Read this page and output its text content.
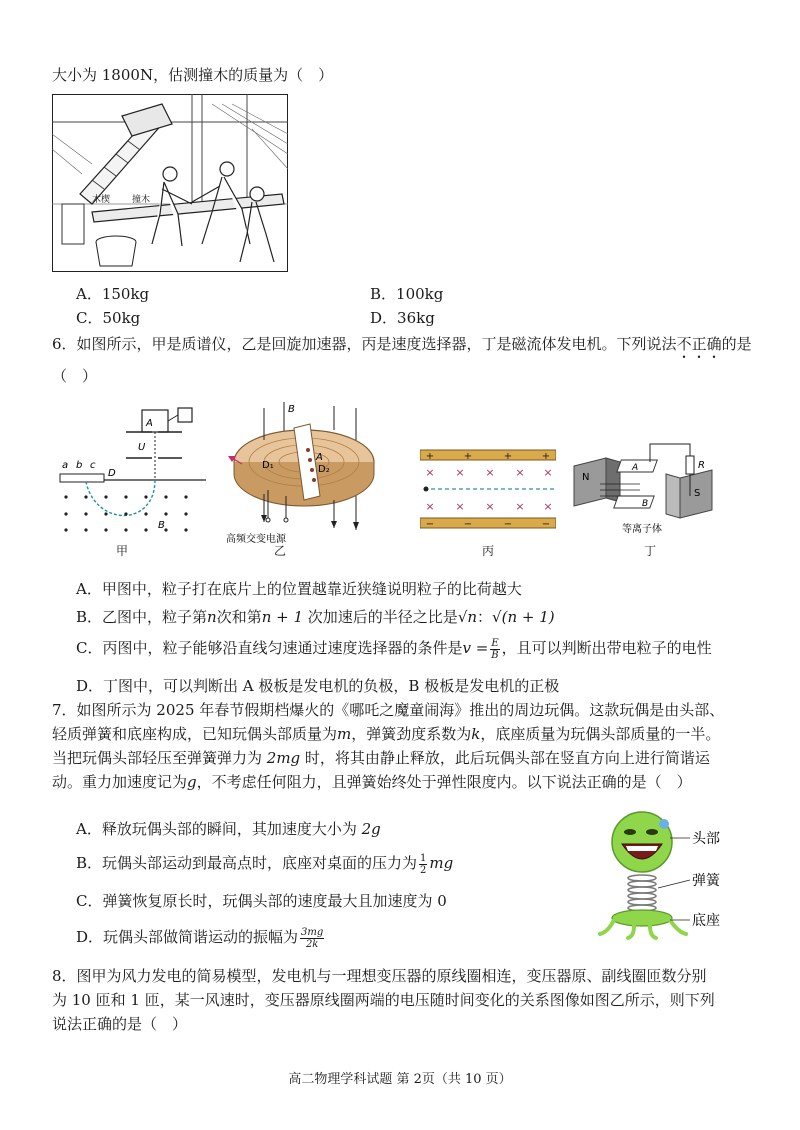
大小为 1800N，估测撞木的质量为（　）
木楔 撞木
A．150kg	B．100kg
C．50kg	D．36kg
6．如图所示，甲是质谱仪，乙是回旋加速器，丙是速度选择器，丁是磁流体发电机。下列说法不正确的是（　）
a b c
D
U
A
B
甲
B
D₁	D₂
A
高频交变电源
乙
+	+	+	+
−	−	−	−
× × × × ×
× × × × ×
丙
N
A	R
B
S
等离子体
丁
A．甲图中，粒子打在底片上的位置越靠近狭缝说明粒子的比荷越大
B．乙图中，粒子第n次和第n + 1 次加速后的半径之比是√n：√(n + 1)
C．丙图中，粒子能够沿直线匀速通过速度选择器的条件是$v = \frac{E}{B}$ ，且可以判断出带电粒子的电性
D．丁图中，可以判断出 A 极板是发电机的负极，B 极板是发电机的正极
7．如图所示为 2025 年春节假期档爆火的《哪吒之魔童闹海》推出的周边玩偶。这款玩偶是由头部、
轻质弹簧和底座构成，已知玩偶头部质量为m，弹簧劲度系数为k，底座质量为玩偶头部质量的一半。
当把玩偶头部轻压至弹簧弹力为 2mg 时，将其由静止释放，此后玩偶头部在竖直方向上进行简谐运
动。重力加速度记为g，不考虑任何阻力，且弹簧始终处于弹性限度内。以下说法正确的是（　）
A．释放玩偶头部的瞬间，其加速度大小为 2g
B．玩偶头部运动到最高点时，底座对桌面的压力为 $\frac{1}{2}$ mg
C．弹簧恢复原长时，玩偶头部的速度最大且加速度为 0
D．玩偶头部做简谐运动的振幅为 $\frac{3mg}{2k}$
头部
弹簧
底座
8．图甲为风力发电的简易模型，发电机与一理想变压器的原线圈相连，变压器原、副线圈匝数分别
为 10 匝和 1 匝，某一风速时，变压器原线圈两端的电压随时间变化的关系图像如图乙所示，则下列
说法正确的是（　）
高二物理学科试题 第 2页（共 10 页）
